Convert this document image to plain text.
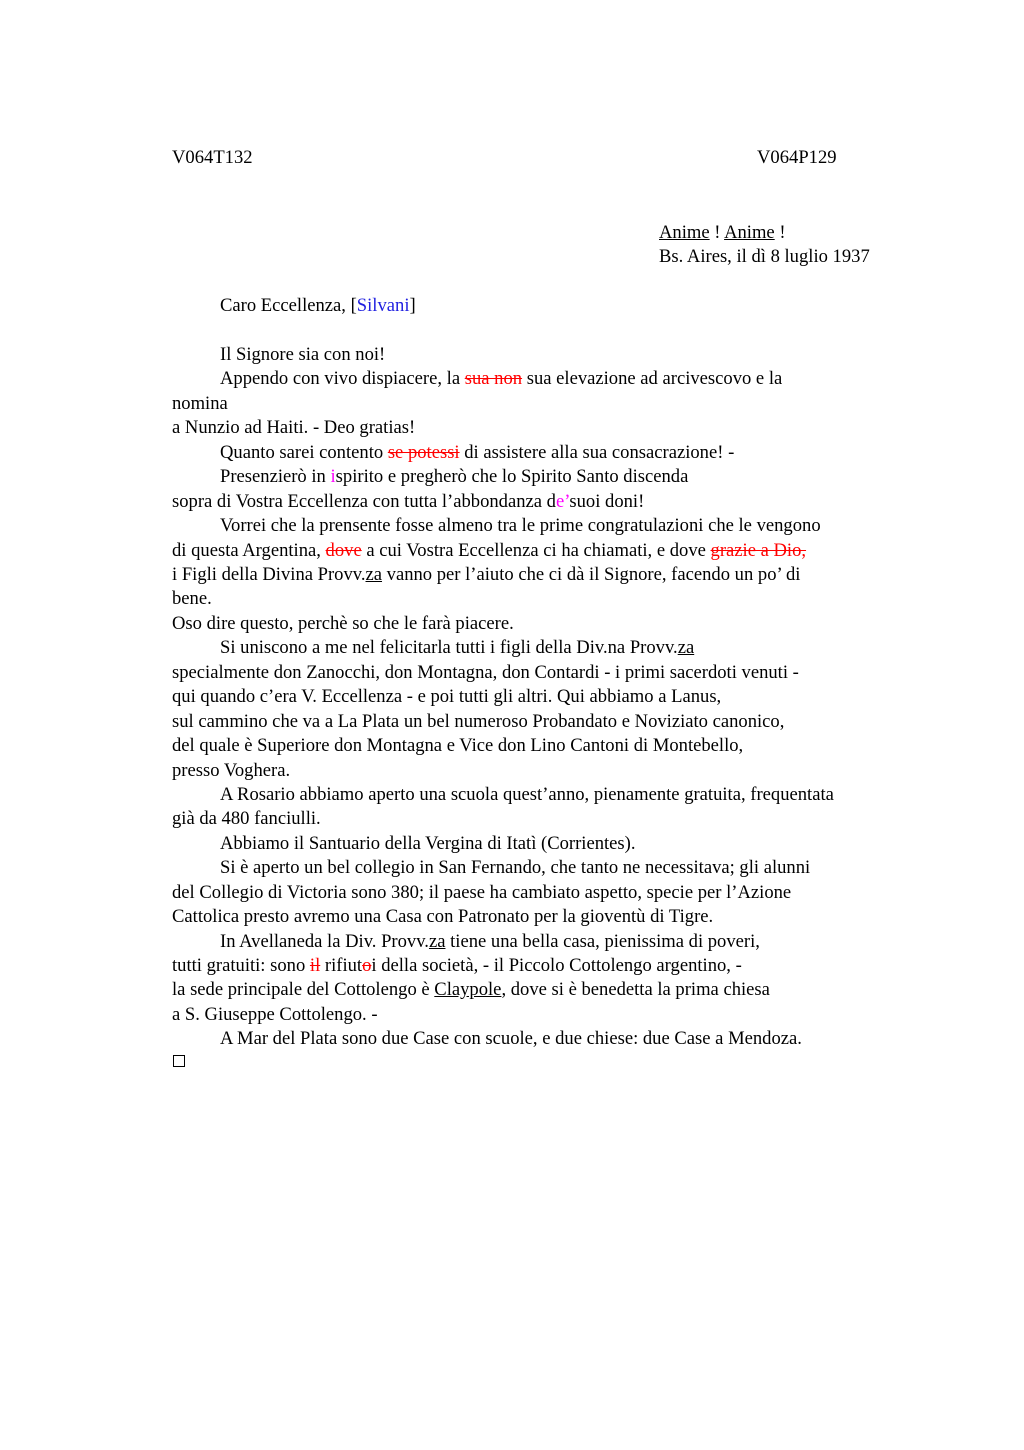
V064T132	V064P129
Anime ! Anime !
Bs. Aires, il dì 8 luglio 1937
Caro Eccellenza, [Silvani]
Il Signore sia con noi!
Appendo con vivo dispiacere, la sua non sua elevazione ad arcivescovo e la
nomina
a Nunzio ad Haiti. - Deo gratias!
Quanto sarei contento se potessi di assistere alla sua consacrazione! -
Presenzierò in ispirito e pregherò che lo Spirito Santo discenda
sopra di Vostra Eccellenza con tutta l’abbondanza de’suoi doni!
Vorrei che la prensente fosse almeno tra le prime congratulazioni che le vengono
di questa Argentina, dove a cui Vostra Eccellenza ci ha chiamati, e dove grazie a Dio,
i Figli della Divina Provv.za vanno per l’aiuto che ci dà il Signore, facendo un po’ di
bene.
Oso dire questo, perchè so che le farà piacere.
Si uniscono a me nel felicitarla tutti i figli della Div.na Provv.za
specialmente don Zanocchi, don Montagna, don Contardi - i primi sacerdoti venuti -
qui quando c’era V. Eccellenza - e poi tutti gli altri. Qui abbiamo a Lanus,
sul cammino che va a La Plata un bel numeroso Probandato e Noviziato canonico,
del quale è Superiore don Montagna e Vice don Lino Cantoni di Montebello,
presso Voghera.
A Rosario abbiamo aperto una scuola quest’anno, pienamente gratuita, frequentata
già da 480 fanciulli.
Abbiamo il Santuario della Vergina di Itatì (Corrientes).
Si è aperto un bel collegio in San Fernando, che tanto ne necessitava; gli alunni
del Collegio di Victoria sono 380; il paese ha cambiato aspetto, specie per l’Azione
Cattolica presto avremo una Casa con Patronato per la gioventù di Tigre.
In Avellaneda la Div. Provv.za tiene una bella casa, pienissima di poveri,
tutti gratuiti: sono il rifiutoi della società, - il Piccolo Cottolengo argentino, -
la sede principale del Cottolengo è Claypole, dove si è benedetta la prima chiesa
a S. Giuseppe Cottolengo. -
A Mar del Plata sono due Case con scuole, e due chiese: due Case a Mendoza.
